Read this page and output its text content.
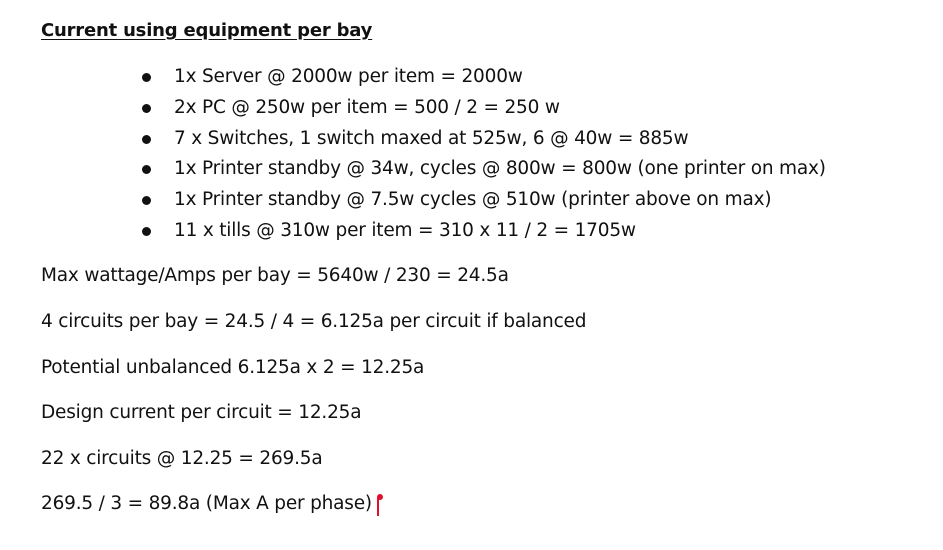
Current using equipment per bay
1x Server @ 2000w per item = 2000w
2x PC @ 250w per item = 500 / 2 = 250 w
7 x Switches, 1 switch maxed at 525w, 6 @ 40w = 885w
1x Printer standby @ 34w, cycles @ 800w = 800w (one printer on max)
1x Printer standby @ 7.5w cycles @ 510w (printer above on max)
11 x tills @ 310w per item = 310 x 11 / 2 = 1705w
Max wattage/Amps per bay = 5640w / 230 = 24.5a
4 circuits per bay = 24.5 / 4 = 6.125a per circuit if balanced
Potential unbalanced 6.125a x 2 = 12.25a
Design current per circuit = 12.25a
22 x circuits @ 12.25 = 269.5a
269.5 / 3 = 89.8a (Max A per phase)
